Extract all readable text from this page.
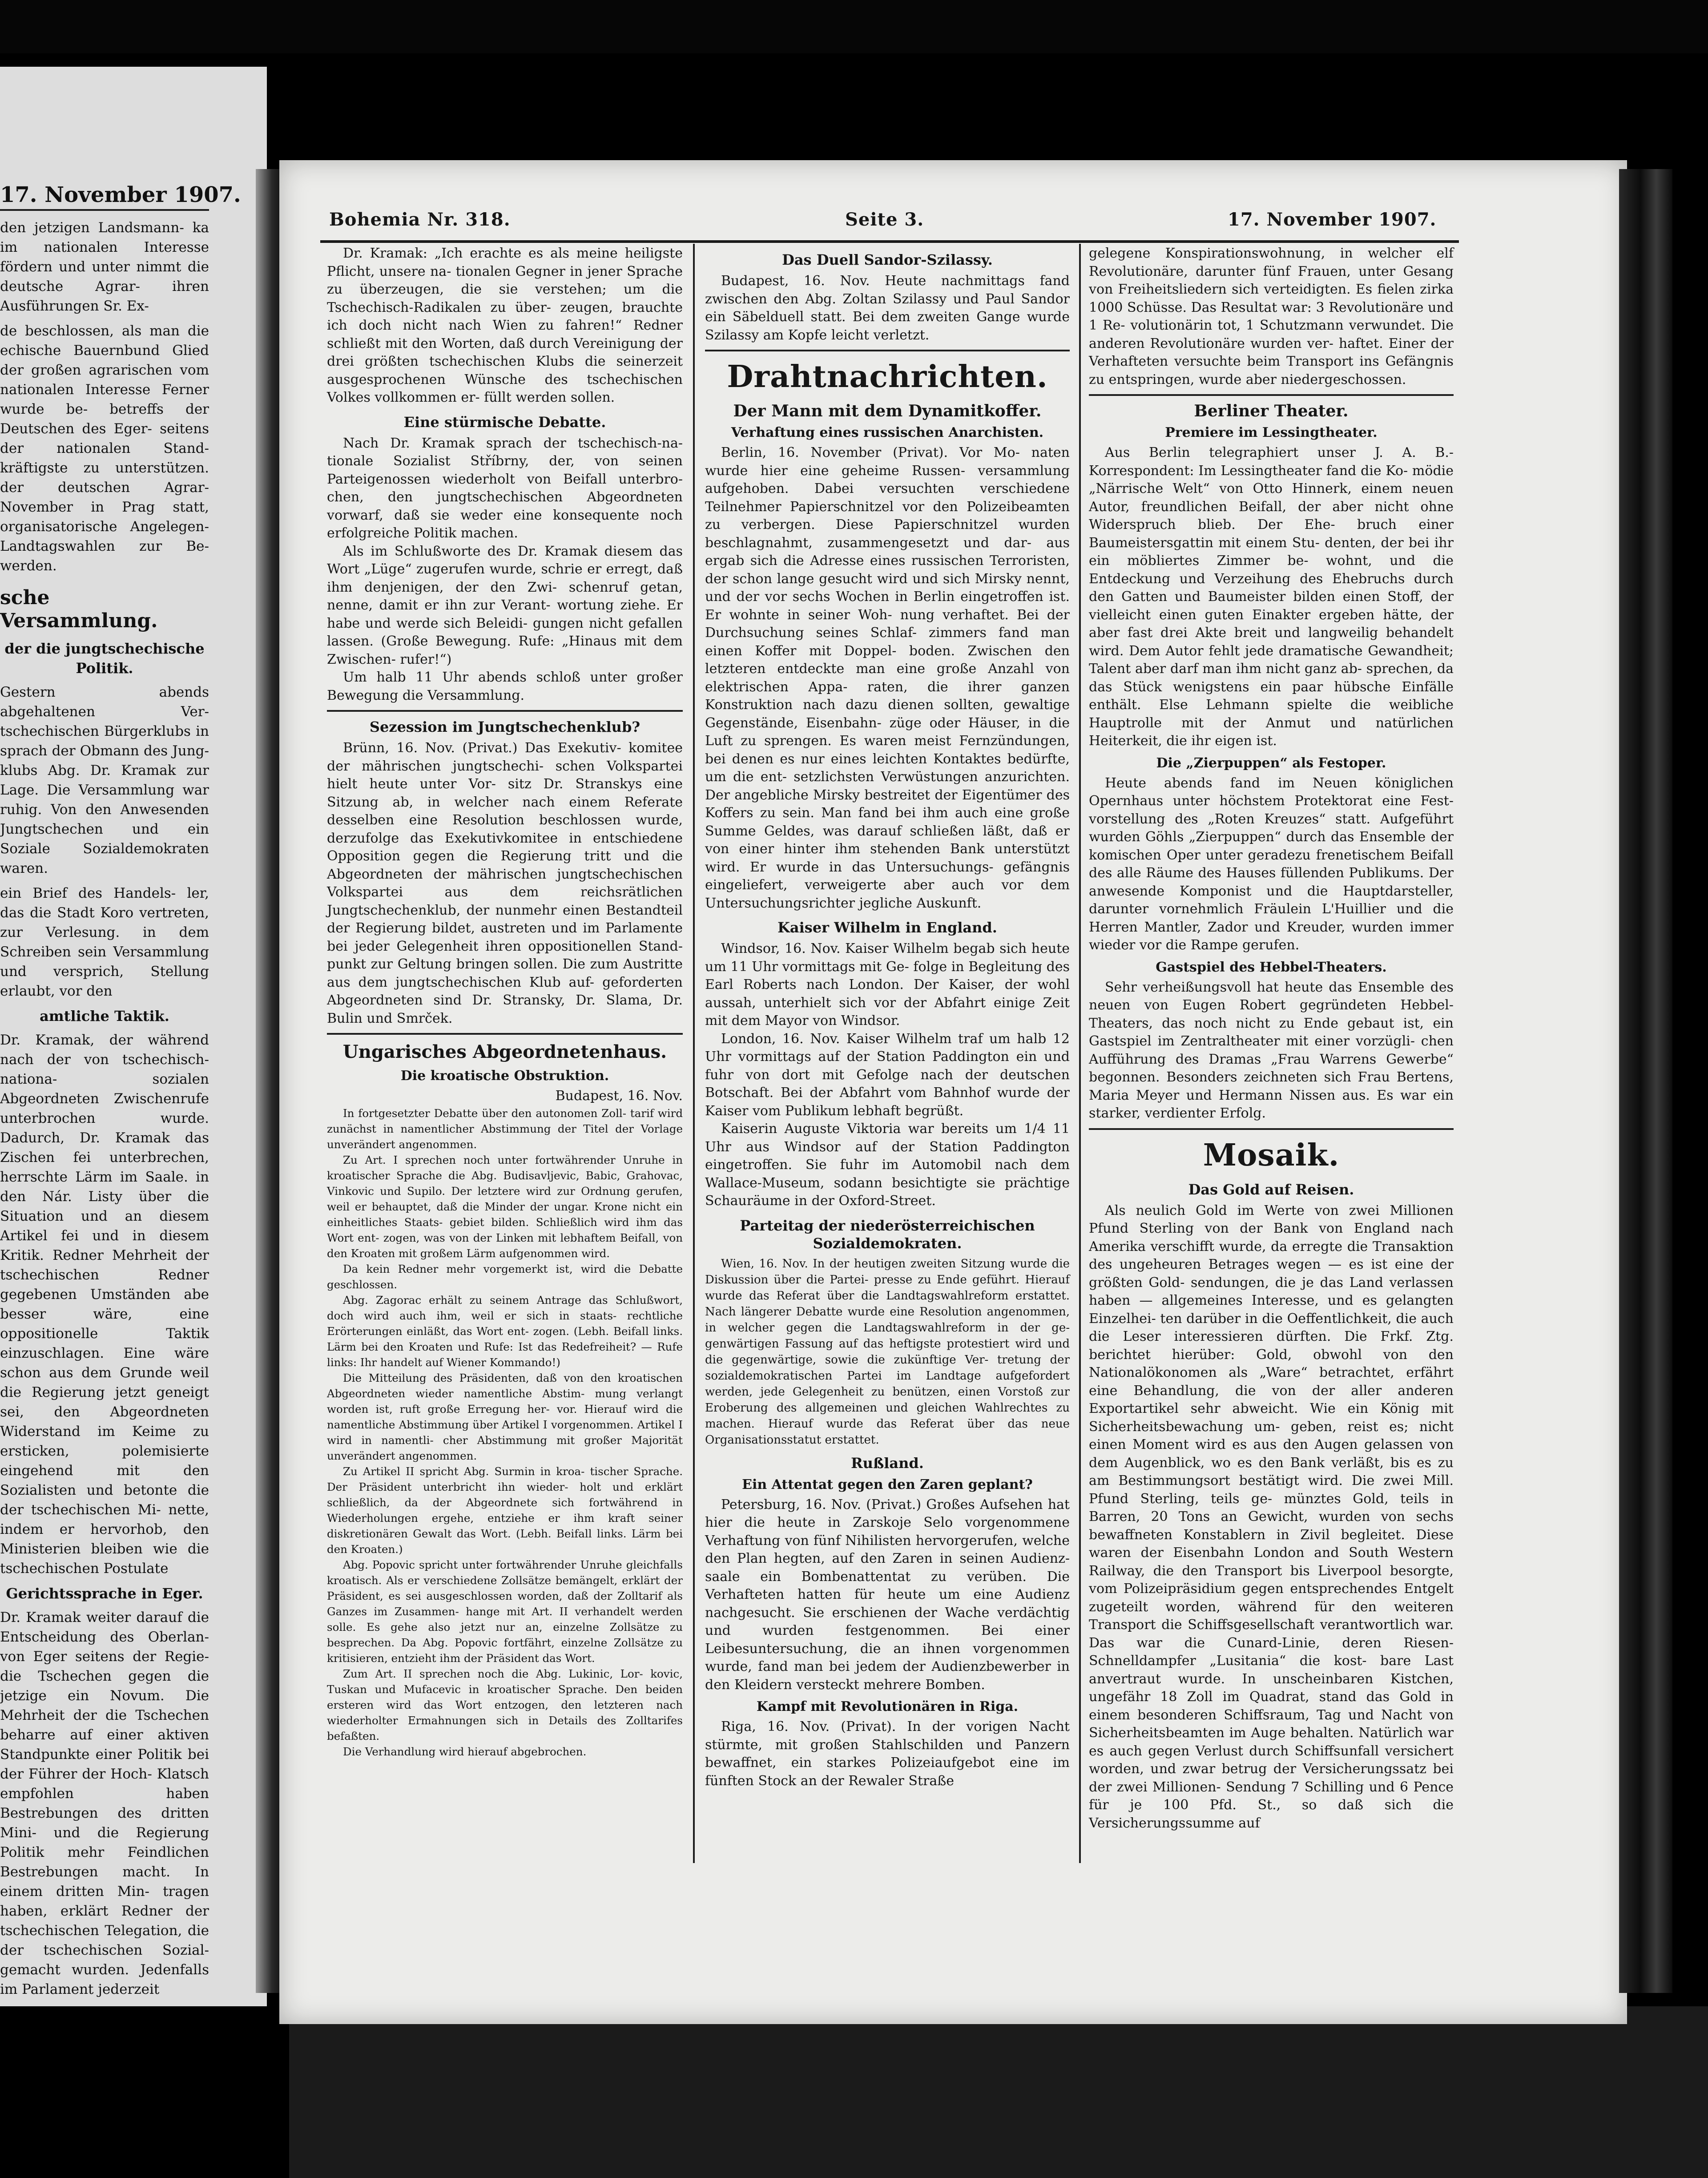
17. November 1907.

den jetzigen Landsmann- ka im nationalen Interesse fördern und unter nimmt die deutsche Agrar- ihren Ausführungen Sr. Ex-

de beschlossen, als man die echische Bauernbund Glied der großen agrarischen vom nationalen Interesse Ferner wurde be- betreffs der Deutschen des Eger- seitens der nationalen Stand- kräftigste zu unterstützen. der deutschen Agrar- November in Prag statt, organisatorische Angelegen- Landtagswahlen zur Be- werden.

sche Versammlung.
der die jungtschechische Politik.

Gestern abends abgehaltenen Ver- tschechischen Bürgerklubs in sprach der Obmann des Jung- klubs Abg. Dr. Kramak zur Lage. Die Versammlung war ruhig. Von den Anwesenden Jungtschechen und ein Soziale Sozialdemokraten waren.

ein Brief des Handels- ler, das die Stadt Koro vertreten, zur Verlesung. in dem Schreiben sein Versammlung und versprich, Stellung erlaubt, vor den

amtliche Taktik.

Dr. Kramak, der während nach der von tschechisch-nationa- sozialen Abgeordneten Zwischenrufe unterbrochen wurde. Dadurch, Dr. Kramak das Zischen fei unterbrechen, herrschte Lärm im Saale. in den Nár. Listy über die Situation und an diesem Artikel fei und in diesem Kritik. Redner Mehrheit der tschechischen Redner gegebenen Umständen abe besser wäre, eine oppositionelle Taktik einzuschlagen. Eine wäre schon aus dem Grunde weil die Regierung jetzt geneigt sei, den Abgeordneten Widerstand im Keime zu ersticken, polemisierte eingehend mit den Sozialisten und betonte die der tschechischen Mi- nette, indem er hervorhob, den Ministerien bleiben wie die tschechischen Postulate

Gerichtssprache in Eger.

Dr. Kramak weiter darauf die Entscheidung des Oberlan- von Eger seitens der Regie- die Tschechen gegen die jetzige ein Novum. Die Mehrheit der die Tschechen beharre auf einer aktiven Standpunkte einer Politik bei der Führer der Hoch- Klatsch empfohlen haben Bestrebungen des dritten Mini- und die Regierung Politik mehr Feindlichen Bestrebungen macht. In einem dritten Min- tragen haben, erklärt Redner der tschechischen Telegation, die der tschechischen Sozial- gemacht wurden. Jedenfalls im Parlament jederzeit

Bohemia Nr. 318.	Seite 3.	17. November 1907.

Dr. Kramak: „Ich erachte es als meine heiligste Pflicht, unsere na- tionalen Gegner in jener Sprache zu überzeugen, die sie verstehen; um die Tschechisch-Radikalen zu über- zeugen, brauchte ich doch nicht nach Wien zu fahren!“ Redner schließt mit den Worten, daß durch Vereinigung der drei größten tschechischen Klubs die seinerzeit ausgesprochenen Wünsche des tschechischen Volkes vollkommen er- füllt werden sollen.

Eine stürmische Debatte.

Nach Dr. Kramak sprach der tschechisch-na- tionale Sozialist Stříbrny, der, von seinen Parteigenossen wiederholt von Beifall unterbro- chen, den jungtschechischen Abgeordneten vorwarf, daß sie weder eine konsequente noch erfolgreiche Politik machen.

Als im Schlußworte des Dr. Kramak diesem das Wort „Lüge“ zugerufen wurde, schrie er erregt, daß ihm denjenigen, der den Zwi- schenruf getan, nenne, damit er ihn zur Verant- wortung ziehe. Er habe und werde sich Beleidi- gungen nicht gefallen lassen. (Große Bewegung. Rufe: „Hinaus mit dem Zwischen- rufer!“)

Um halb 11 Uhr abends schloß unter großer Bewegung die Versammlung.

Sezession im Jungtschechenklub?

Brünn, 16. Nov. (Privat.) Das Exekutiv- komitee der mährischen jungtschechi- schen Volkspartei hielt heute unter Vor- sitz Dr. Stranskys eine Sitzung ab, in welcher nach einem Referate desselben eine Resolution beschlossen wurde, derzufolge das Exekutivkomitee in entschiedene Opposition gegen die Regierung tritt und die Abgeordneten der mährischen jungtschechischen Volkspartei aus dem reichsrätlichen Jungtschechenklub, der nunmehr einen Bestandteil der Regierung bildet, austreten und im Parlamente bei jeder Gelegenheit ihren oppositionellen Stand- punkt zur Geltung bringen sollen. Die zum Austritte aus dem jungtschechischen Klub auf- geforderten Abgeordneten sind Dr. Stransky, Dr. Slama, Dr. Bulin und Smrček.

Ungarisches Abgeordnetenhaus.
Die kroatische Obstruktion.

Budapest, 16. Nov.

In fortgesetzter Debatte über den autonomen Zoll- tarif wird zunächst in namentlicher Abstimmung der Titel der Vorlage unverändert angenommen.

Zu Art. I sprechen noch unter fortwährender Unruhe in kroatischer Sprache die Abg. Budisavljevic, Babic, Grahovac, Vinkovic und Supilo. Der letztere wird zur Ordnung gerufen, weil er behauptet, daß die Minder der ungar. Krone nicht ein einheitliches Staats- gebiet bilden. Schließlich wird ihm das Wort ent- zogen, was von der Linken mit lebhaftem Beifall, von den Kroaten mit großem Lärm aufgenommen wird.

Da kein Redner mehr vorgemerkt ist, wird die Debatte geschlossen.

Abg. Zagorac erhält zu seinem Antrage das Schlußwort, doch wird auch ihm, weil er sich in staats- rechtliche Erörterungen einläßt, das Wort ent- zogen. (Lebh. Beifall links. Lärm bei den Kroaten und Rufe: Ist das Redefreiheit? — Rufe links: Ihr handelt auf Wiener Kommando!)

Die Mitteilung des Präsidenten, daß von den kroatischen Abgeordneten wieder namentliche Abstim- mung verlangt worden ist, ruft große Erregung her- vor. Hierauf wird die namentliche Abstimmung über Artikel I vorgenommen. Artikel I wird in namentli- cher Abstimmung mit großer Majorität unverändert angenommen.

Zu Artikel II spricht Abg. Surmin in kroa- tischer Sprache. Der Präsident unterbricht ihn wieder- holt und erklärt schließlich, da der Abgeordnete sich fortwährend in Wiederholungen ergehe, entziehe er ihm kraft seiner diskretionären Gewalt das Wort. (Lebh. Beifall links. Lärm bei den Kroaten.)

Abg. Popovic spricht unter fortwährender Unruhe gleichfalls kroatisch. Als er verschiedene Zollsätze bemängelt, erklärt der Präsident, es sei ausgeschlossen worden, daß der Zolltarif als Ganzes im Zusammen- hange mit Art. II verhandelt werden solle. Es gehe also jetzt nur an, einzelne Zollsätze zu besprechen. Da Abg. Popovic fortfährt, einzelne Zollsätze zu kritisieren, entzieht ihm der Präsident das Wort.

Zum Art. II sprechen noch die Abg. Lukinic, Lor- kovic, Tuskan und Mufacevic in kroatischer Sprache. Den beiden ersteren wird das Wort entzogen, den letzteren nach wiederholter Ermahnungen sich in Details des Zolltarifes befaßten.

Die Verhandlung wird hierauf abgebrochen.

Das Duell Sandor-Szilassy.

Budapest, 16. Nov. Heute nachmittags fand zwischen den Abg. Zoltan Szilassy und Paul Sandor ein Säbelduell statt. Bei dem zweiten Gange wurde Szilassy am Kopfe leicht verletzt.

Drahtnachrichten.
Der Mann mit dem Dynamitkoffer.
Verhaftung eines russischen Anarchisten.

Berlin, 16. November (Privat). Vor Mo- naten wurde hier eine geheime Russen- versammlung aufgehoben. Dabei versuchten verschiedene Teilnehmer Papierschnitzel vor den Polizeibeamten zu verbergen. Diese Papierschnitzel wurden beschlagnahmt, zusammengesetzt und dar- aus ergab sich die Adresse eines russischen Terroristen, der schon lange gesucht wird und sich Mirsky nennt, und der vor sechs Wochen in Berlin eingetroffen ist. Er wohnte in seiner Woh- nung verhaftet. Bei der Durchsuchung seines Schlaf- zimmers fand man einen Koffer mit Doppel- boden. Zwischen den letzteren entdeckte man eine große Anzahl von elektrischen Appa- raten, die ihrer ganzen Konstruktion nach dazu dienen sollten, gewaltige Gegenstände, Eisenbahn- züge oder Häuser, in die Luft zu sprengen. Es waren meist Fernzündungen, bei denen es nur eines leichten Kontaktes bedürfte, um die ent- setzlichsten Verwüstungen anzurichten. Der angebliche Mirsky bestreitet der Eigentümer des Koffers zu sein. Man fand bei ihm auch eine große Summe Geldes, was darauf schließen läßt, daß er von einer hinter ihm stehenden Bank unterstützt wird. Er wurde in das Untersuchungs- gefängnis eingeliefert, verweigerte aber auch vor dem Untersuchungsrichter jegliche Auskunft.

Kaiser Wilhelm in England.

Windsor, 16. Nov. Kaiser Wilhelm begab sich heute um 11 Uhr vormittags mit Ge- folge in Begleitung des Earl Roberts nach London. Der Kaiser, der wohl aussah, unterhielt sich vor der Abfahrt einige Zeit mit dem Mayor von Windsor.

London, 16. Nov. Kaiser Wilhelm traf um halb 12 Uhr vormittags auf der Station Paddington ein und fuhr von dort mit Gefolge nach der deutschen Botschaft. Bei der Abfahrt vom Bahnhof wurde der Kaiser vom Publikum lebhaft begrüßt.

Kaiserin Auguste Viktoria war bereits um 1/4 11 Uhr aus Windsor auf der Station Paddington eingetroffen. Sie fuhr im Automobil nach dem Wallace-Museum, sodann besichtigte sie prächtige Schauräume in der Oxford-Street.

Parteitag der niederösterreichischen Sozialdemokraten.

Wien, 16. Nov. In der heutigen zweiten Sitzung wurde die Diskussion über die Partei- presse zu Ende geführt. Hierauf wurde das Referat über die Landtagswahlreform erstattet. Nach längerer Debatte wurde eine Resolution angenommen, in welcher gegen die Landtagswahlreform in der ge- genwärtigen Fassung auf das heftigste protestiert wird und die gegenwärtige, sowie die zukünftige Ver- tretung der sozialdemokratischen Partei im Landtage aufgefordert werden, jede Gelegenheit zu benützen, einen Vorstoß zur Eroberung des allgemeinen und gleichen Wahlrechtes zu machen. Hierauf wurde das Referat über das neue Organisationsstatut erstattet.

Rußland.
Ein Attentat gegen den Zaren geplant?

Petersburg, 16. Nov. (Privat.) Großes Aufsehen hat hier die heute in Zarskoje Selo vorgenommene Verhaftung von fünf Nihilisten hervorgerufen, welche den Plan hegten, auf den Zaren in seinen Audienz- saale ein Bombenattentat zu verüben. Die Verhafteten hatten für heute um eine Audienz nachgesucht. Sie erschienen der Wache verdächtig und wurden festgenommen. Bei einer Leibesuntersuchung, die an ihnen vorgenommen wurde, fand man bei jedem der Audienzbewerber in den Kleidern versteckt mehrere Bomben.

Kampf mit Revolutionären in Riga.

Riga, 16. Nov. (Privat). In der vorigen Nacht stürmte, mit großen Stahlschilden und Panzern bewaffnet, ein starkes Polizeiaufgebot eine im fünften Stock an der Rewaler Straße

gelegene Konspirationswohnung, in welcher elf Revolutionäre, darunter fünf Frauen, unter Gesang von Freiheitsliedern sich verteidigten. Es fielen zirka 1000 Schüsse. Das Resultat war: 3 Revolutionäre und 1 Re- volutionärin tot, 1 Schutzmann verwundet. Die anderen Revolutionäre wurden ver- haftet. Einer der Verhafteten versuchte beim Transport ins Gefängnis zu entspringen, wurde aber niedergeschossen.

Berliner Theater.
Premiere im Lessingtheater.

Aus Berlin telegraphiert unser J. A. B.- Korrespondent: Im Lessingtheater fand die Ko- mödie „Närrische Welt“ von Otto Hinnerk, einem neuen Autor, freundlichen Beifall, der aber nicht ohne Widerspruch blieb. Der Ehe- bruch einer Baumeistersgattin mit einem Stu- denten, der bei ihr ein möbliertes Zimmer be- wohnt, und die Entdeckung und Verzeihung des Ehebruchs durch den Gatten und Baumeister bilden einen Stoff, der vielleicht einen guten Einakter ergeben hätte, der aber fast drei Akte breit und langweilig behandelt wird. Dem Autor fehlt jede dramatische Gewandheit; Talent aber darf man ihm nicht ganz ab- sprechen, da das Stück wenigstens ein paar hübsche Einfälle enthält. Else Lehmann spielte die weibliche Hauptrolle mit der Anmut und natürlichen Heiterkeit, die ihr eigen ist.

Die „Zierpuppen“ als Festoper.

Heute abends fand im Neuen königlichen Opernhaus unter höchstem Protektorat eine Fest- vorstellung des „Roten Kreuzes“ statt. Aufgeführt wurden Göhls „Zierpuppen“ durch das Ensemble der komischen Oper unter geradezu frenetischem Beifall des alle Räume des Hauses füllenden Publikums. Der anwesende Komponist und die Hauptdarsteller, darunter vornehmlich Fräulein L'Huillier und die Herren Mantler, Zador und Kreuder, wurden immer wieder vor die Rampe gerufen.

Gastspiel des Hebbel-Theaters.

Sehr verheißungsvoll hat heute das Ensemble des neuen von Eugen Robert gegründeten Hebbel- Theaters, das noch nicht zu Ende gebaut ist, ein Gastspiel im Zentraltheater mit einer vorzügli- chen Aufführung des Dramas „Frau Warrens Gewerbe“ begonnen. Besonders zeichneten sich Frau Bertens, Maria Meyer und Hermann Nissen aus. Es war ein starker, verdienter Erfolg.

Mosaik.
Das Gold auf Reisen.

Als neulich Gold im Werte von zwei Millionen Pfund Sterling von der Bank von England nach Amerika verschifft wurde, da erregte die Transaktion des ungeheuren Betrages wegen — es ist eine der größten Gold- sendungen, die je das Land verlassen haben — allgemeines Interesse, und es gelangten Einzelhei- ten darüber in die Oeffentlichkeit, die auch die Leser interessieren dürften. Die Frkf. Ztg. berichtet hierüber: Gold, obwohl von den Nationalökonomen als „Ware“ betrachtet, erfährt eine Behandlung, die von der aller anderen Exportartikel sehr abweicht. Wie ein König mit Sicherheitsbewachung um- geben, reist es; nicht einen Moment wird es aus den Augen gelassen von dem Augenblick, wo es den Bank verläßt, bis es zu am Bestimmungsort bestätigt wird. Die zwei Mill. Pfund Sterling, teils ge- münztes Gold, teils in Barren, 20 Tons an Gewicht, wurden von sechs bewaffneten Konstablern in Zivil begleitet. Diese waren der Eisenbahn London and South Western Railway, die den Transport bis Liverpool besorgte, vom Polizeipräsidium gegen entsprechendes Entgelt zugeteilt worden, während für den weiteren Transport die Schiffsgesellschaft verantwortlich war. Das war die Cunard-Linie, deren Riesen-Schnelldampfer „Lusitania“ die kost- bare Last anvertraut wurde. In unscheinbaren Kistchen, ungefähr 18 Zoll im Quadrat, stand das Gold in einem besonderen Schiffsraum, Tag und Nacht von Sicherheitsbeamten im Auge behalten. Natürlich war es auch gegen Verlust durch Schiffsunfall versichert worden, und zwar betrug der Versicherungssatz bei der zwei Millionen- Sendung 7 Schilling und 6 Pence für je 100 Pfd. St., so daß sich die Versicherungssumme auf
